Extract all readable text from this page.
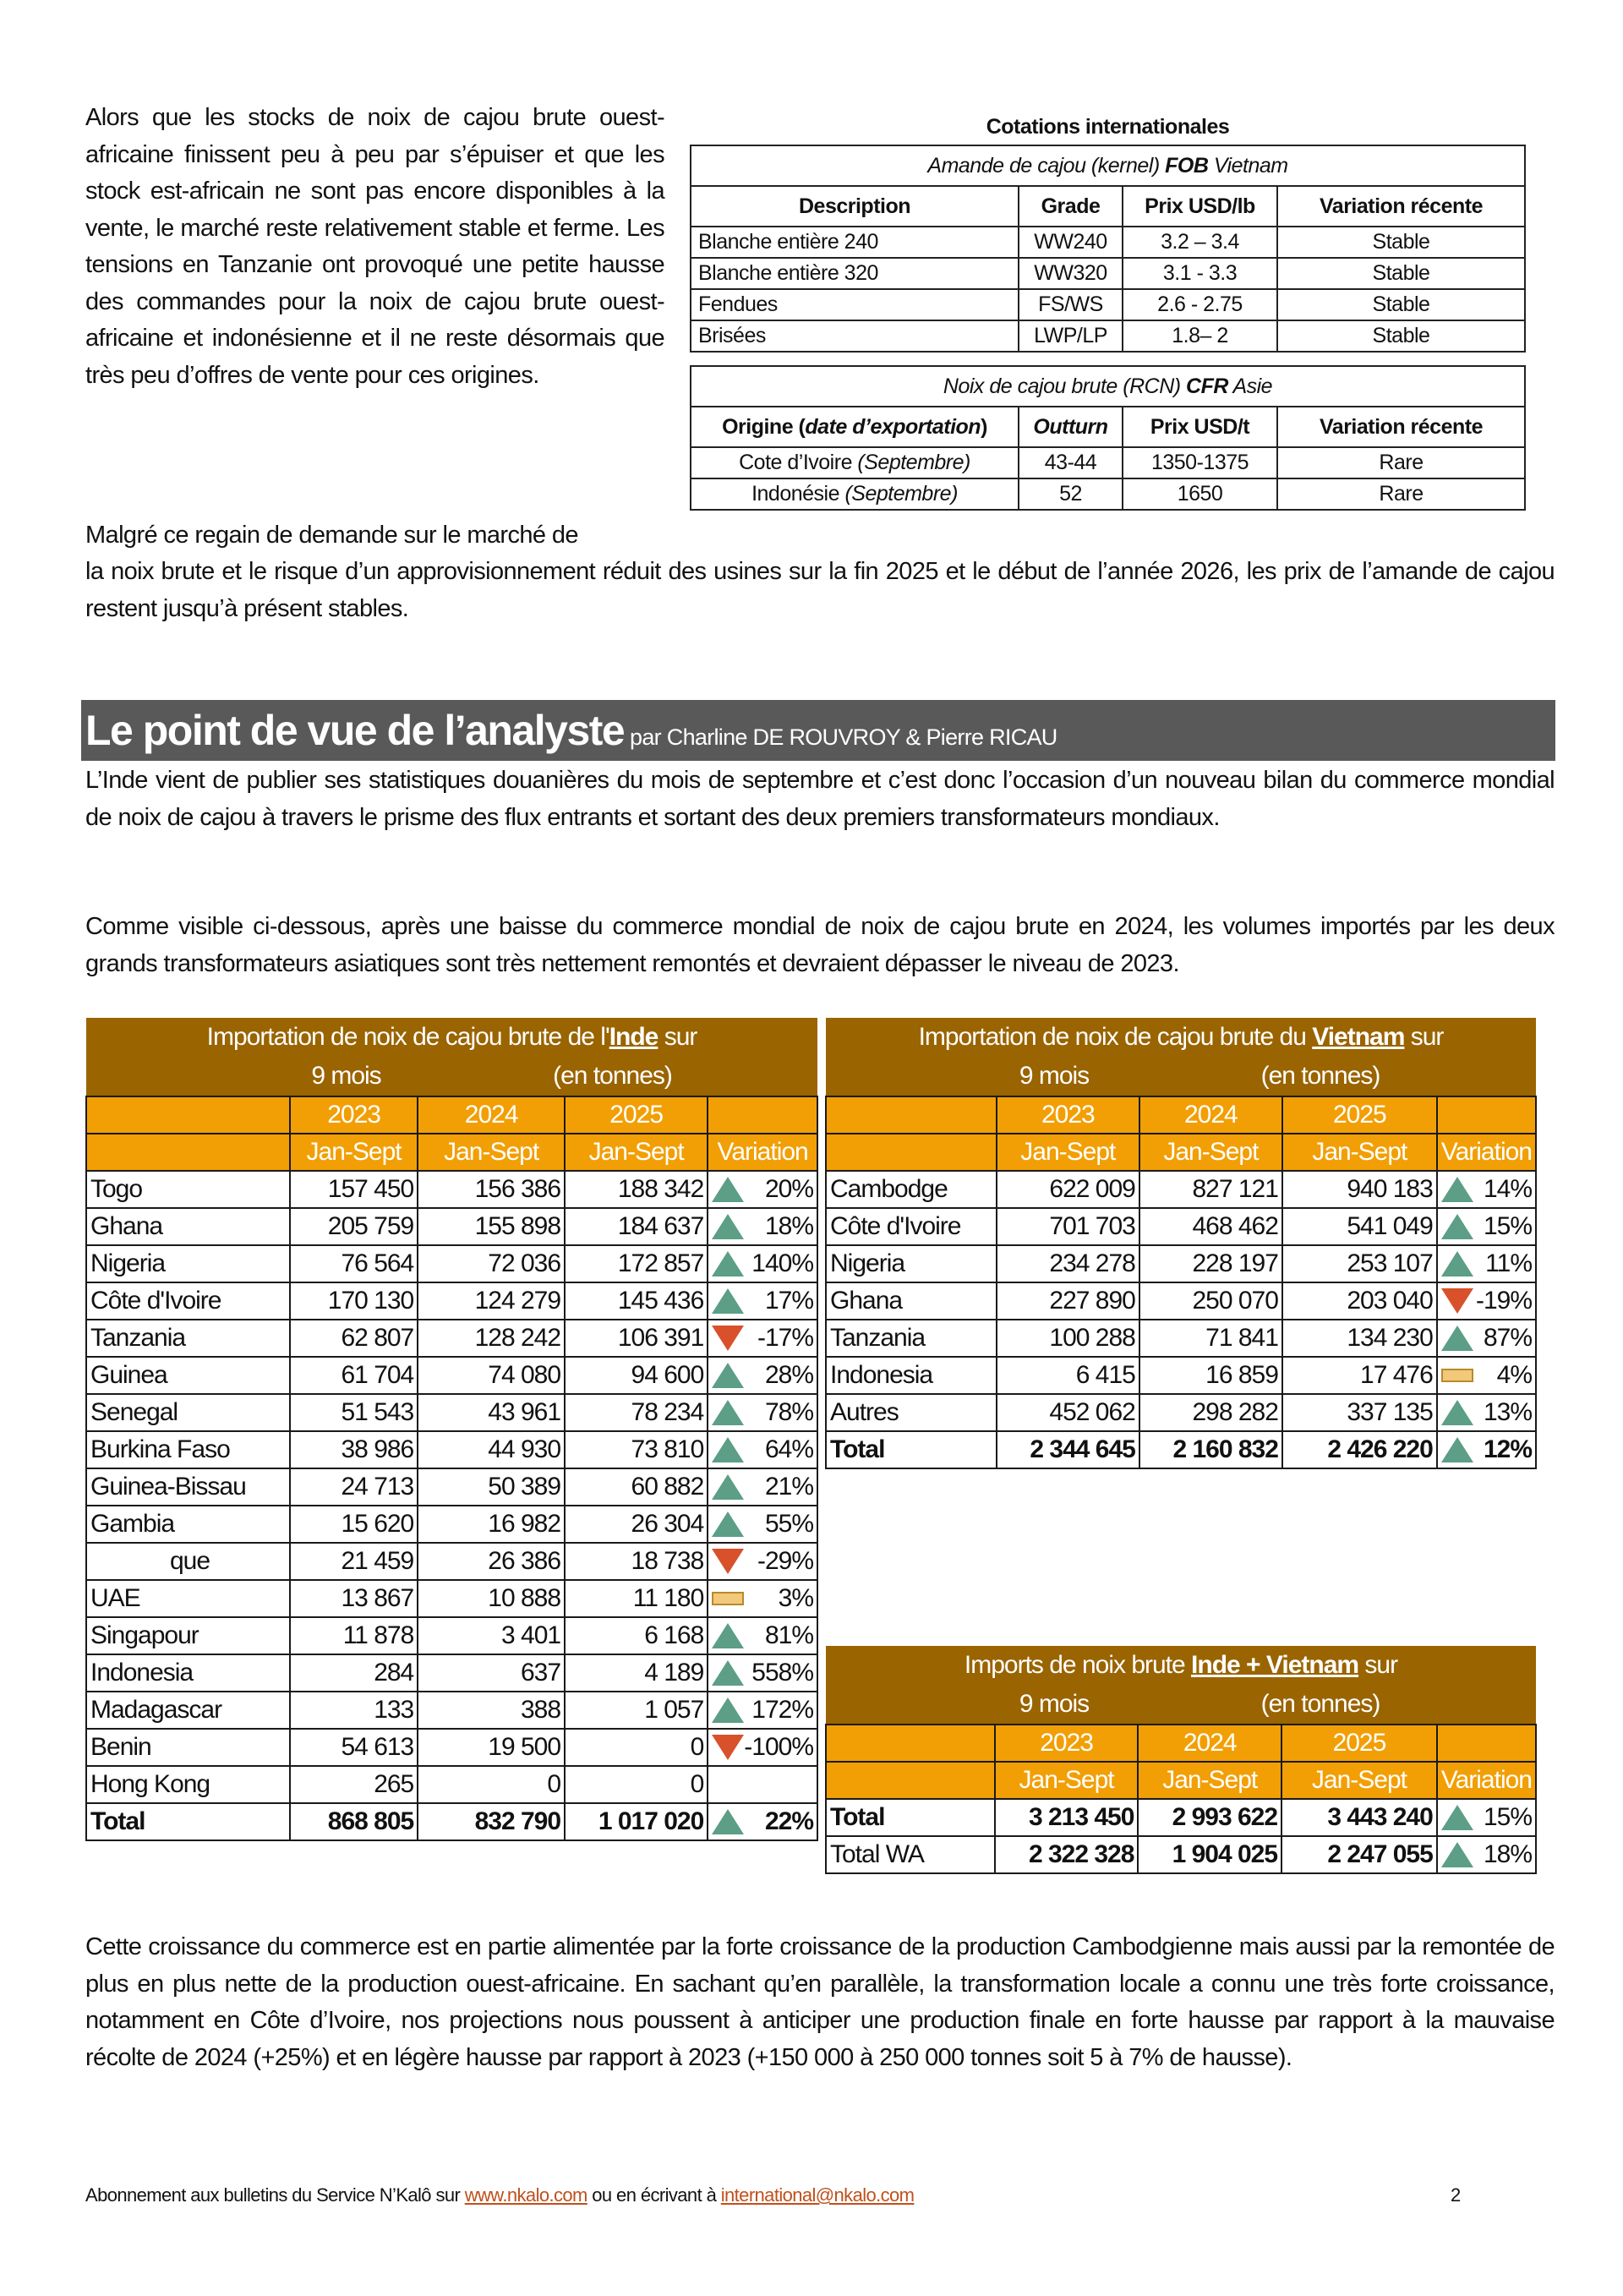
Alors que les stocks de noix de cajou brute ouest-africaine finissent peu à peu par s’épuiser et que les stock est-africain ne sont pas encore disponibles à la vente, le marché reste relativement stable et ferme. Les tensions en Tanzanie ont provoqué une petite hausse des commandes pour la noix de cajou brute ouest-africaine et indonésienne et il ne reste désormais que très peu d’offres de vente pour ces origines.
Cotations internationales
Amande de cajou (kernel) FOB Vietnam			
Description	Grade	Prix USD/lb	Variation récente
Blanche entière 240	WW240	3.2 – 3.4	Stable
Blanche entière 320	WW320	3.1 - 3.3	Stable
Fendues	FS/WS	2.6 - 2.75	Stable
Brisées	LWP/LP	1.8– 2	Stable
Noix de cajou brute (RCN) CFR Asie			
Origine (date d’exportation)	Outturn	Prix USD/t	Variation récente
Cote d’Ivoire (Septembre)	43-44	1350-1375	Rare
Indonésie (Septembre)	52	1650	Rare
Malgré ce regain de demande sur le marché de
la noix brute et le risque d’un approvisionnement réduit des usines sur la fin 2025 et le début de l’année 2026, les prix de l’amande de cajou restent jusqu’à présent stables.
Le point de vue de l’analyste par Charline DE ROUVROY & Pierre RICAU
L’Inde vient de publier ses statistiques douanières du mois de septembre et c’est donc l’occasion d’un nouveau bilan du commerce mondial de noix de cajou à travers le prisme des flux entrants et sortant des deux premiers transformateurs mondiaux.
Comme visible ci-dessous, après une baisse du commerce mondial de noix de cajou brute en 2024, les volumes importés par les deux grands transformateurs asiatiques sont très nettement remontés et devraient dépasser le niveau de 2023.
Importation de noix de cajou brute de l'Inde sur				
9 mois (en tonnes)				
	2023	2024	2025	
	Jan-Sept	Jan-Sept	Jan-Sept	Variation
Togo	157 450	156 386	188 342	20%

Ghana	205 759	155 898	184 637	18%

Nigeria	76 564	72 036	172 857	140%

Côte d'Ivoire	170 130	124 279	145 436	17%

Tanzania	62 807	128 242	106 391	-17%

Guinea	61 704	74 080	94 600	28%

Senegal	51 543	43 961	78 234	78%

Burkina Faso	38 986	44 930	73 810	64%

Guinea-Bissau	24 713	50 389	60 882	21%

Gambia	15 620	16 982	26 304	55%

que	21 459	26 386	18 738	-29%

UAE	13 867	10 888	11 180	3%

Singapour	11 878	3 401	6 168	81%

Indonesia	284	637	4 189	558%

Madagascar	133	388	1 057	172%

Benin	54 613	19 500	0	-100%

Hong Kong	265	0	0	

Total	868 805	832 790	1 017 020	22%
Importation de noix de cajou brute du Vietnam sur				
9 mois (en tonnes)				
	2023	2024	2025	
	Jan-Sept	Jan-Sept	Jan-Sept	Variation
Cambodge	622 009	827 121	940 183	14%

Côte d'Ivoire	701 703	468 462	541 049	15%

Nigeria	234 278	228 197	253 107	11%

Ghana	227 890	250 070	203 040	-19%

Tanzania	100 288	71 841	134 230	87%

Indonesia	6 415	16 859	17 476	4%

Autres	452 062	298 282	337 135	13%

Total	2 344 645	2 160 832	2 426 220	12%
Imports de noix brute Inde + Vietnam sur				
9 mois (en tonnes)				
	2023	2024	2025	
	Jan-Sept	Jan-Sept	Jan-Sept	Variation
Total	3 213 450	2 993 622	3 443 240	15%

Total WA	2 322 328	1 904 025	2 247 055	18%
Cette croissance du commerce est en partie alimentée par la forte croissance de la production Cambodgienne mais aussi par la remontée de plus en plus nette de la production ouest-africaine. En sachant qu’en parallèle, la transformation locale a connu une très forte croissance, notamment en Côte d’Ivoire, nos projections nous poussent à anticiper une production finale en forte hausse par rapport à la mauvaise récolte de 2024 (+25%) et en légère hausse par rapport à 2023 (+150 000 à 250 000 tonnes soit 5 à 7% de hausse).
Abonnement aux bulletins du Service N’Kalô sur www.nkalo.com ou en écrivant à international@nkalo.com	2
